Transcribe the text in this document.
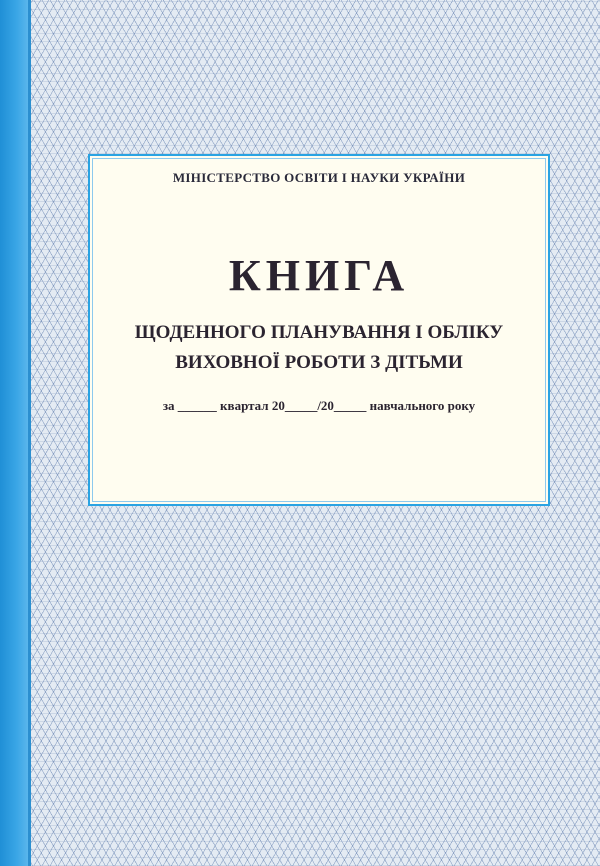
МІНІСТЕРСТВО ОСВІТИ І НАУКИ УКРАЇНИ
КНИГА
ЩОДЕННОГО ПЛАНУВАННЯ І ОБЛІКУ
ВИХОВНОЇ РОБОТИ З ДІТЬМИ
за ______ квартал 20_____/20_____ навчального року
